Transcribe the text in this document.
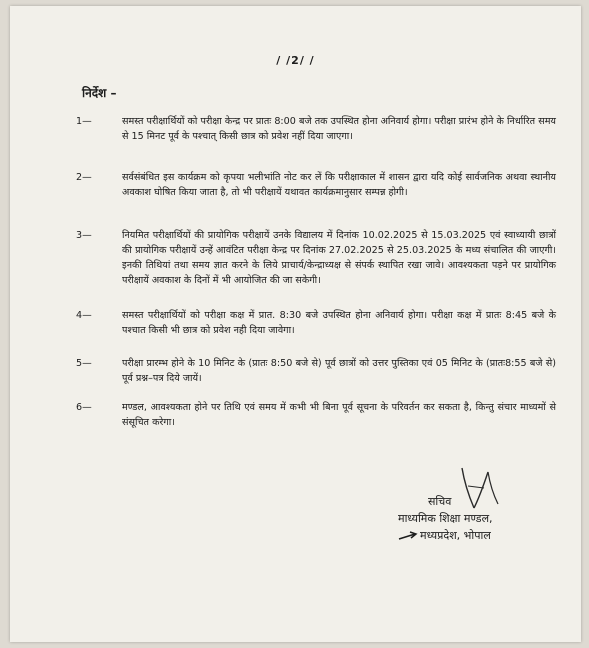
/ /2/ /
निर्देश –
1—	समस्त परीक्षार्थियों को परीक्षा केन्द्र पर प्रातः 8:00 बजे तक उपस्थित होना अनिवार्य होगा। परीक्षा प्रारंभ होने के निर्धारित समय से 15 मिनट पूर्व के पश्चात् किसी छात्र को प्रवेश नहीं दिया जाएगा।
2—	सर्वसंबंधित इस कार्यक्रम को कृपया भलीभांति नोट कर लें कि परीक्षाकाल में शासन द्वारा यदि कोई सार्वजनिक अथवा स्थानीय अवकाश घोषित किया जाता है, तो भी परीक्षायें यथावत कार्यक्रमानुसार सम्पन्न होगी।
3—	नियमित परीक्षार्थियों की प्रायोगिक परीक्षायें उनके विद्यालय में दिनांक 10.02.2025 से 15.03.2025 एवं स्वाध्यायी छात्रों की प्रायोगिक परीक्षायें उन्हें आवंटित परीक्षा केन्द्र पर दिनांक 27.02.2025 से 25.03.2025 के मध्य संचालित की जाएगी। इनकी तिथियां तथा समय ज्ञात करने के लिये प्राचार्य/केन्द्राध्यक्ष से संपर्क स्थापित रखा जावे। आवश्यकता पड़ने पर प्रायोगिक परीक्षायें अवकाश के दिनों में भी आयोजित की जा सकेगी।
4—	समस्त परीक्षार्थियों को परीक्षा कक्ष में प्रात. 8:30 बजे उपस्थित होना अनिवार्य होगा। परीक्षा कक्ष में प्रातः 8:45 बजे के पश्चात किसी भी छात्र को प्रवेश नही दिया जावेगा।
5—	परीक्षा प्रारम्भ होने के 10 मिनिट के (प्रातः 8:50 बजे से) पूर्व छात्रों को उत्तर पुस्तिका एवं 05 मिनिट के (प्रातः8:55 बजे से) पूर्व प्रश्न–पत्र दिये जायें।
6—	मण्डल, आवश्यकता होने पर तिथि एवं समय में कभी भी बिना पूर्व सूचना के परिवर्तन कर सकता है, किन्तु संचार माध्यमों से संसूचित करेगा।
सचिव
माध्यमिक शिक्षा मण्डल,
मध्यप्रदेश, भोपाल
